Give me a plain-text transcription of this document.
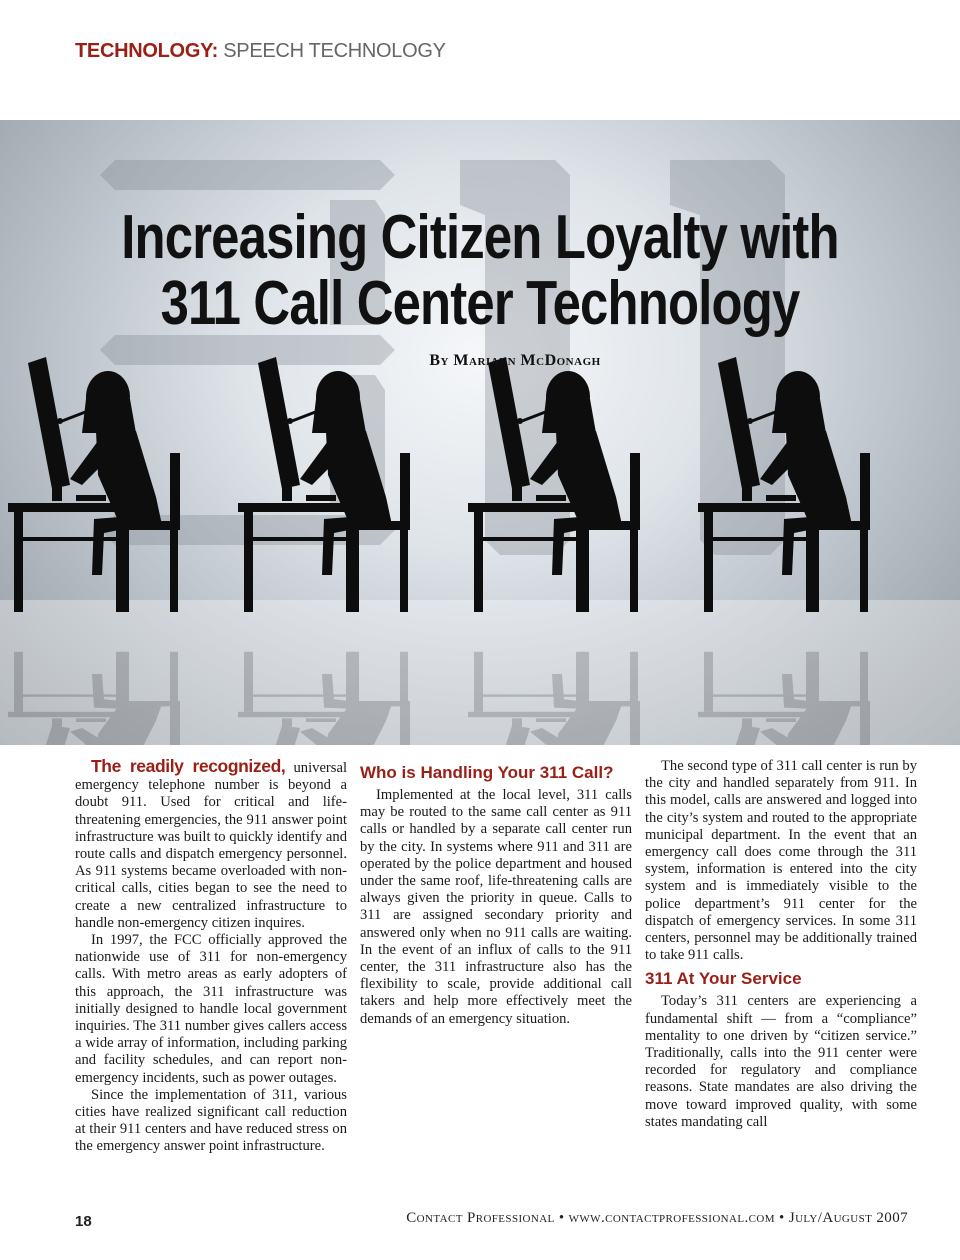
TECHNOLOGY: SPEECH TECHNOLOGY
Increasing Citizen Loyalty with
311 Call Center Technology
By Mariann McDonagh

The readily recognized, universal emergency telephone number is beyond a doubt 911. Used for critical and life-threatening emergencies, the 911 answer point infrastructure was built to quickly identify and route calls and dispatch emergency personnel. As 911 systems became overloaded with non-critical calls, cities began to see the need to create a new centralized infrastructure to handle non-emergency citizen inquires.

In 1997, the FCC officially approved the nationwide use of 311 for non-emergency calls. With metro areas as early adopters of this approach, the 311 infrastructure was initially designed to handle local government inquiries. The 311 number gives callers access a wide array of information, including parking and facility schedules, and can report non-emergency incidents, such as power outages.

Since the implementation of 311, various cities have realized significant call reduction at their 911 centers and have reduced stress on the emergency answer point infrastructure.

Who is Handling Your 311 Call?

Implemented at the local level, 311 calls may be routed to the same call center as 911 calls or handled by a separate call center run by the city. In systems where 911 and 311 are operated by the police department and housed under the same roof, life-threatening calls are always given the priority in queue. Calls to 311 are assigned secondary priority and answered only when no 911 calls are waiting. In the event of an influx of calls to the 911 center, the 311 infrastructure also has the flexibility to scale, provide additional call takers and help more effectively meet the demands of an emergency situation.

The second type of 311 call center is run by the city and handled separately from 911. In this model, calls are answered and logged into the city’s system and routed to the appropriate municipal department. In the event that an emergency call does come through the 311 system, information is entered into the city system and is immediately visible to the police department’s 911 center for the dispatch of emergency services. In some 311 centers, personnel may be additionally trained to take 911 calls.

311 At Your Service

Today’s 311 centers are experiencing a fundamental shift — from a “compliance” mentality to one driven by “citizen service.” Traditionally, calls into the 911 center were recorded for regulatory and compliance reasons. State mandates are also driving the move toward improved quality, with some states mandating call

18	Contact Professional • www.contactprofessional.com • July/August 2007
